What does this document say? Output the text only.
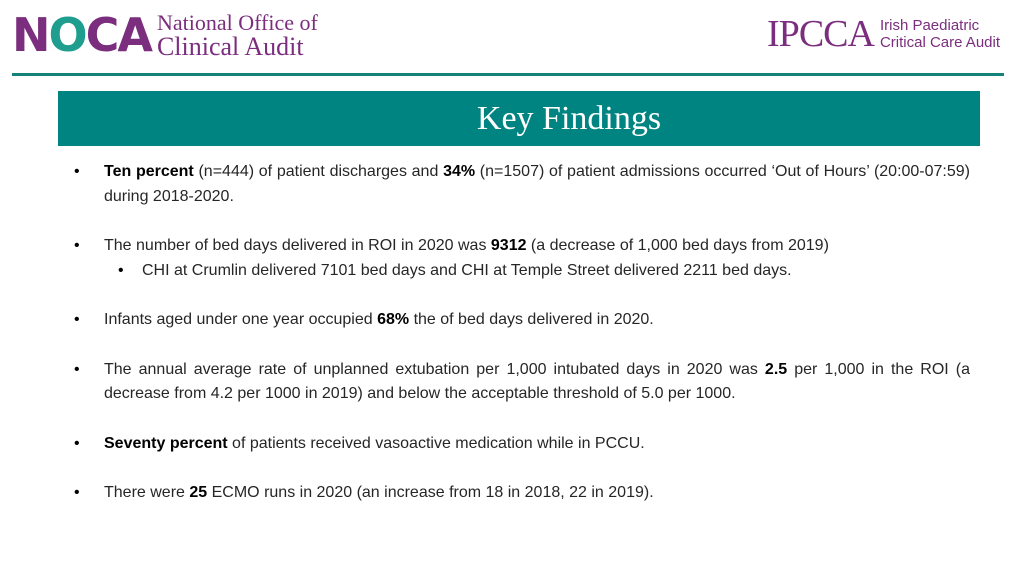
NOCA National Office of
Clinical Audit	IPCCA Irish Paediatric
Critical Care Audit
Key Findings
• Ten percent (n=444) of patient discharges and 34% (n=1507) of patient admissions occurred ‘Out of Hours’ (20:00-07:59) during 2018-2020.
• The number of bed days delivered in ROI in 2020 was 9312 (a decrease of 1,000 bed days from 2019)
• CHI at Crumlin delivered 7101 bed days and CHI at Temple Street delivered 2211 bed days.
• Infants aged under one year occupied 68% the of bed days delivered in 2020.
• The annual average rate of unplanned extubation per 1,000 intubated days in 2020 was 2.5 per 1,000 in the ROI (a decrease from 4.2 per 1000 in 2019) and below the acceptable threshold of 5.0 per 1000.
• Seventy percent of patients received vasoactive medication while in PCCU.
• There were 25 ECMO runs in 2020 (an increase from 18 in 2018, 22 in 2019).
